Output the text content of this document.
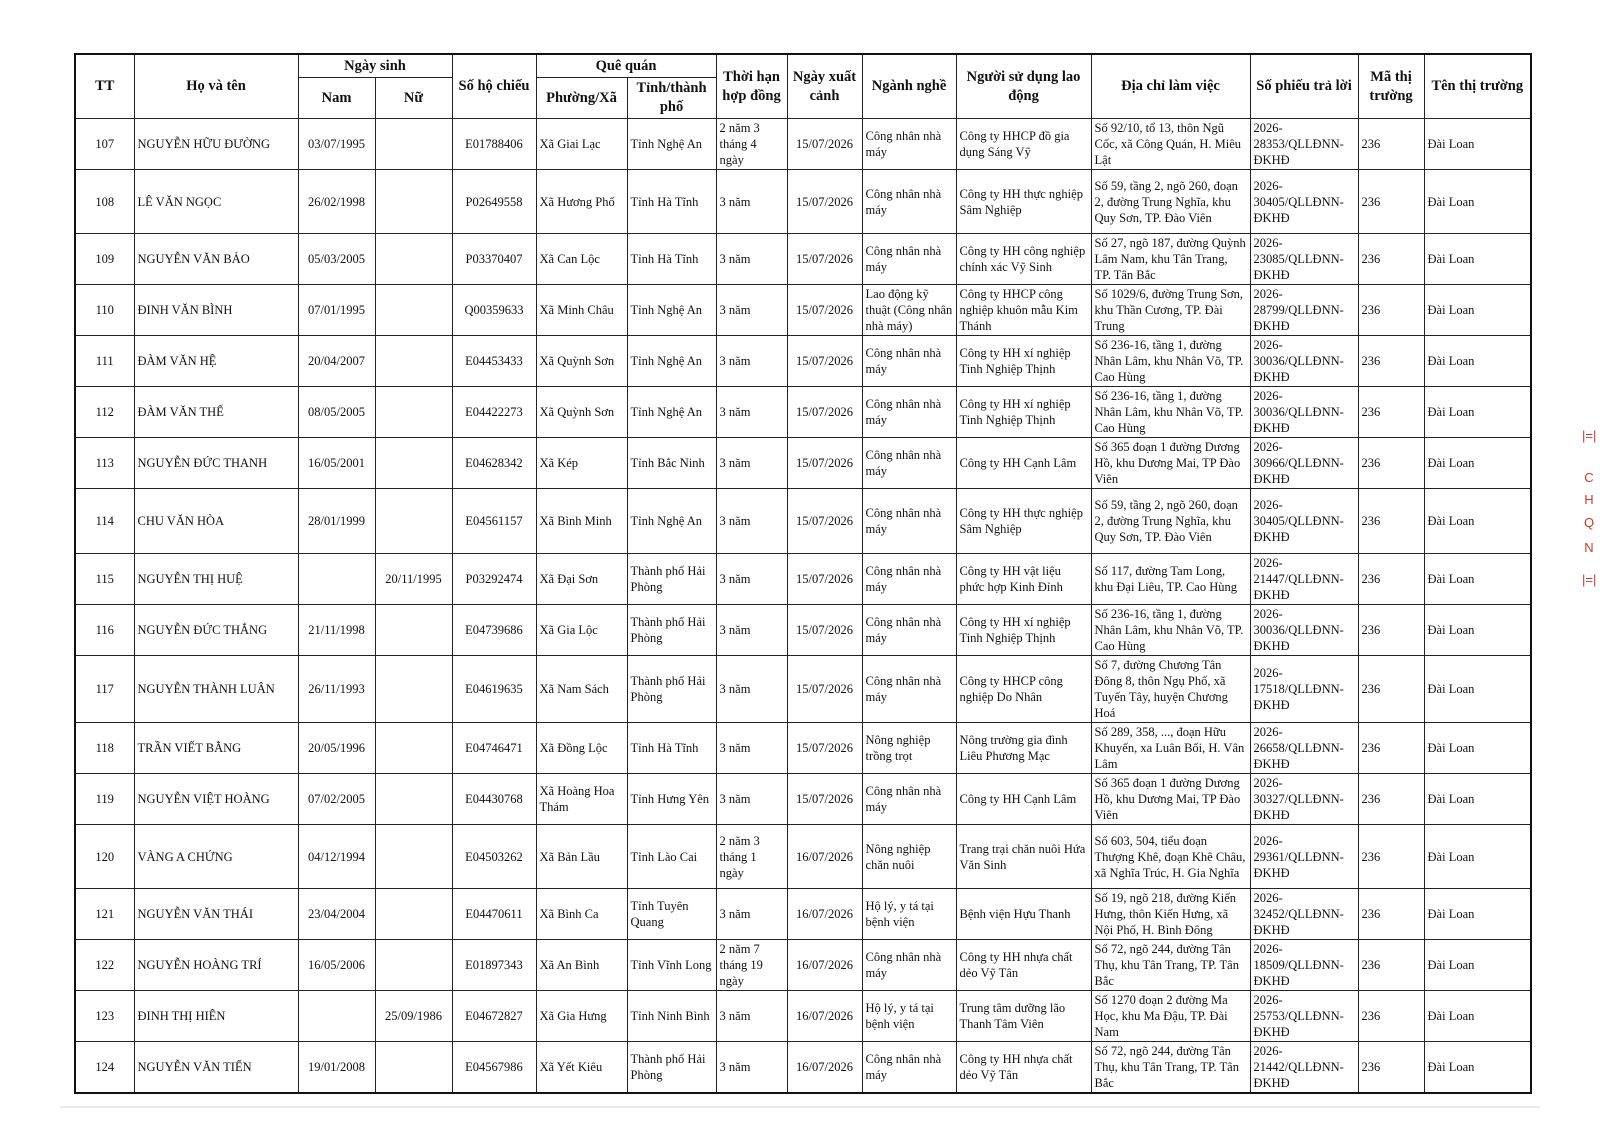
TT	Họ và tên	Ngày sinh		Số hộ chiếu	Quê quán		Thời hạn hợp đồng	Ngày xuất cảnh	Ngành nghề	Người sử dụng lao động	Địa chỉ làm việc	Số phiếu trả lời	Mã thị trường	Tên thị trường
		Nam	Nữ		Phường/Xã	Tỉnh/thành phố								
107	NGUYỄN HỮU ĐƯỜNG	03/07/1995		E01788406	Xã Giai Lạc	Tỉnh Nghệ An	2 năm 3 tháng 4 ngày	15/07/2026	Công nhân nhà máy	Công ty HHCP đồ gia dụng Sáng Vỹ	Số 92/10, tổ 13, thôn Ngũ Cốc, xã Công Quán, H. Miêu Lật	2026-28353/QLLĐNN-ĐKHĐ	236	Đài Loan
108	LÊ VĂN NGỌC	26/02/1998		P02649558	Xã Hương Phố	Tỉnh Hà Tĩnh	3 năm	15/07/2026	Công nhân nhà máy	Công ty HH thực nghiệp Sâm Nghiệp	Số 59, tầng 2, ngõ 260, đoạn 2, đường Trung Nghĩa, khu Quy Sơn, TP. Đào Viên	2026-30405/QLLĐNN-ĐKHĐ	236	Đài Loan
109	NGUYỄN VĂN BẢO	05/03/2005		P03370407	Xã Can Lộc	Tỉnh Hà Tĩnh	3 năm	15/07/2026	Công nhân nhà máy	Công ty HH công nghiệp chính xác Vỹ Sinh	Số 27, ngõ 187, đường Quỳnh Lâm Nam, khu Tân Trang, TP. Tân Bắc	2026-23085/QLLĐNN-ĐKHĐ	236	Đài Loan
110	ĐINH VĂN BÌNH	07/01/1995		Q00359633	Xã Minh Châu	Tỉnh Nghệ An	3 năm	15/07/2026	Lao động kỹ thuật (Công nhân nhà máy)	Công ty HHCP công nghiệp khuôn mẫu Kim Thánh	Số 1029/6, đường Trung Sơn, khu Thần Cương, TP. Đài Trung	2026-28799/QLLĐNN-ĐKHĐ	236	Đài Loan
111	ĐÀM VĂN HỆ	20/04/2007		E04453433	Xã Quỳnh Sơn	Tỉnh Nghệ An	3 năm	15/07/2026	Công nhân nhà máy	Công ty HH xí nghiệp Tinh Nghiệp Thịnh	Số 236-16, tầng 1, đường Nhân Lâm, khu Nhân Võ, TP. Cao Hùng	2026-30036/QLLĐNN-ĐKHĐ	236	Đài Loan
112	ĐÀM VĂN THẾ	08/05/2005		E04422273	Xã Quỳnh Sơn	Tỉnh Nghệ An	3 năm	15/07/2026	Công nhân nhà máy	Công ty HH xí nghiệp Tinh Nghiệp Thịnh	Số 236-16, tầng 1, đường Nhân Lâm, khu Nhân Võ, TP. Cao Hùng	2026-30036/QLLĐNN-ĐKHĐ	236	Đài Loan
113	NGUYỄN ĐỨC THANH	16/05/2001		E04628342	Xã Kép	Tỉnh Bắc Ninh	3 năm	15/07/2026	Công nhân nhà máy	Công ty HH Cạnh Lâm	Số 365 đoạn 1 đường Dương Hồ, khu Dương Mai, TP Đào Viên	2026-30966/QLLĐNN-ĐKHĐ	236	Đài Loan
114	CHU VĂN HÒA	28/01/1999		E04561157	Xã Bình Minh	Tỉnh Nghệ An	3 năm	15/07/2026	Công nhân nhà máy	Công ty HH thực nghiệp Sâm Nghiệp	Số 59, tầng 2, ngõ 260, đoạn 2, đường Trung Nghĩa, khu Quy Sơn, TP. Đào Viên	2026-30405/QLLĐNN-ĐKHĐ	236	Đài Loan
115	NGUYỄN THỊ HUỆ		20/11/1995	P03292474	Xã Đại Sơn	Thành phố Hải Phòng	3 năm	15/07/2026	Công nhân nhà máy	Công ty HH vật liệu phức hợp Kinh Đỉnh	Số 117, đường Tam Long, khu Đại Liêu, TP. Cao Hùng	2026-21447/QLLĐNN-ĐKHĐ	236	Đài Loan
116	NGUYỄN ĐỨC THẮNG	21/11/1998		E04739686	Xã Gia Lộc	Thành phố Hải Phòng	3 năm	15/07/2026	Công nhân nhà máy	Công ty HH xí nghiệp Tinh Nghiệp Thịnh	Số 236-16, tầng 1, đường Nhân Lâm, khu Nhân Võ, TP. Cao Hùng	2026-30036/QLLĐNN-ĐKHĐ	236	Đài Loan
117	NGUYỄN THÀNH LUÂN	26/11/1993		E04619635	Xã Nam Sách	Thành phố Hải Phòng	3 năm	15/07/2026	Công nhân nhà máy	Công ty HHCP công nghiệp Do Nhân	Số 7, đường Chương Tân Đông 8, thôn Ngụ Phố, xã Tuyến Tây, huyện Chương Hoá	2026-17518/QLLĐNN-ĐKHĐ	236	Đài Loan
118	TRẦN VIẾT BẰNG	20/05/1996		E04746471	Xã Đồng Lộc	Tỉnh Hà Tĩnh	3 năm	15/07/2026	Nông nghiệp trồng trọt	Nông trường gia đình Liêu Phương Mạc	Số 289, 358, ..., đoạn Hữu Khuyến, xa Luân Bối, H. Vân Lâm	2026-26658/QLLĐNN-ĐKHĐ	236	Đài Loan
119	NGUYỄN VIỆT HOÀNG	07/02/2005		E04430768	Xã Hoàng Hoa Thám	Tỉnh Hưng Yên	3 năm	15/07/2026	Công nhân nhà máy	Công ty HH Cạnh Lâm	Số 365 đoạn 1 đường Dương Hồ, khu Dương Mai, TP Đào Viên	2026-30327/QLLĐNN-ĐKHĐ	236	Đài Loan
120	VÀNG A CHỨNG	04/12/1994		E04503262	Xã Bản Lầu	Tỉnh Lào Cai	2 năm 3 tháng 1 ngày	16/07/2026	Nông nghiệp chăn nuôi	Trang trại chăn nuôi Hứa Văn Sinh	Số 603, 504, tiểu đoạn Thượng Khê, đoạn Khê Châu, xã Nghĩa Trúc, H. Gia Nghĩa	2026-29361/QLLĐNN-ĐKHĐ	236	Đài Loan
121	NGUYỄN VĂN THÁI	23/04/2004		E04470611	Xã Bình Ca	Tỉnh Tuyên Quang	3 năm	16/07/2026	Hộ lý, y tá tại bệnh viện	Bệnh viện Hựu Thanh	Số 19, ngõ 218, đường Kiến Hưng, thôn Kiến Hưng, xã Nội Phố, H. Bình Đông	2026-32452/QLLĐNN-ĐKHĐ	236	Đài Loan
122	NGUYỄN HOÀNG TRÍ	16/05/2006		E01897343	Xã An Bình	Tỉnh Vĩnh Long	2 năm 7 tháng 19 ngày	16/07/2026	Công nhân nhà máy	Công ty HH nhựa chất dẻo Vỹ Tân	Số 72, ngõ 244, đường Tân Thụ, khu Tân Trang, TP. Tân Bắc	2026-18509/QLLĐNN-ĐKHĐ	236	Đài Loan
123	ĐINH THỊ HIÊN		25/09/1986	E04672827	Xã Gia Hưng	Tỉnh Ninh Bình	3 năm	16/07/2026	Hộ lý, y tá tại bệnh viện	Trung tâm dưỡng lão Thanh Tâm Viên	Số 1270 đoạn 2 đường Ma Học, khu Ma Đậu, TP. Đài Nam	2026-25753/QLLĐNN-ĐKHĐ	236	Đài Loan
124	NGUYỄN VĂN TIẾN	19/01/2008		E04567986	Xã Yết Kiêu	Thành phố Hải Phòng	3 năm	16/07/2026	Công nhân nhà máy	Công ty HH nhựa chất dẻo Vỹ Tân	Số 72, ngõ 244, đường Tân Thụ, khu Tân Trang, TP. Tân Bắc	2026-21442/QLLĐNN-ĐKHĐ	236	Đài Loan
|=|
C
H
Q
N
|=|
